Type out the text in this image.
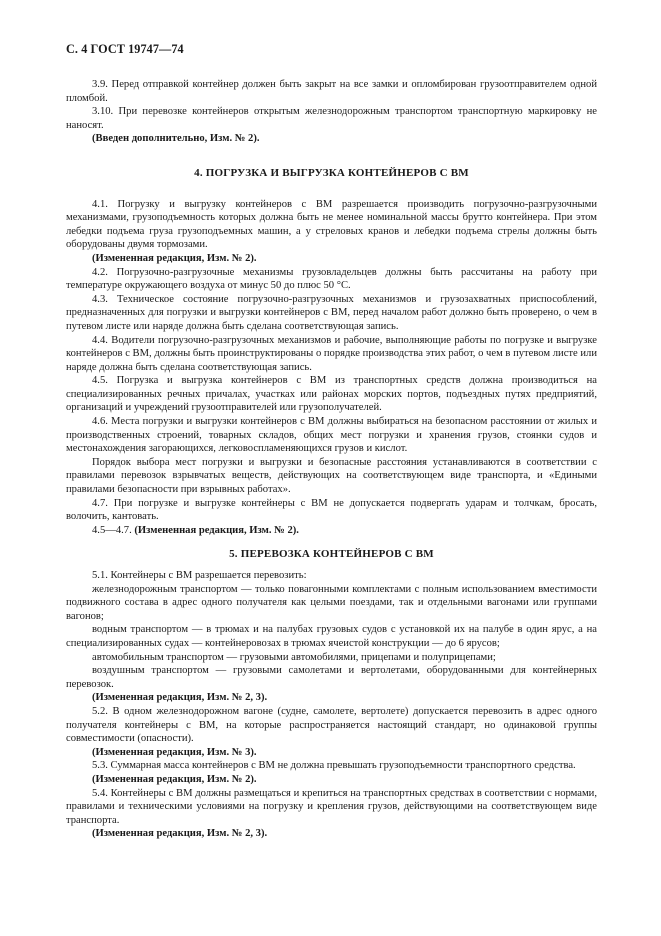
С. 4 ГОСТ 19747—74

3.9. Перед отправкой контейнер должен быть закрыт на все замки и опломбирован грузоотправителем одной пломбой.

3.10. При перевозке контейнеров открытым железнодорожным транспортом транспортную маркировку не наносят.

(Введен дополнительно, Изм. № 2).

4. ПОГРУЗКА И ВЫГРУЗКА КОНТЕЙНЕРОВ С ВМ

4.1. Погрузку и выгрузку контейнеров с ВМ разрешается производить погрузочно-разгрузочными механизмами, грузоподъемность которых должна быть не менее номинальной массы брутто контейнера. При этом лебедки подъема груза грузоподъемных машин, а у стреловых кранов и лебедки подъема стрелы должны быть оборудованы двумя тормозами.

(Измененная редакция, Изм. № 2).

4.2. Погрузочно-разгрузочные механизмы грузовладельцев должны быть рассчитаны на работу при температуре окружающего воздуха от минус 50 до плюс 50 °С.

4.3. Техническое состояние погрузочно-разгрузочных механизмов и грузозахватных приспособлений, предназначенных для погрузки и выгрузки контейнеров с ВМ, перед началом работ должно быть проверено, о чем в путевом листе или наряде должна быть сделана соответствующая запись.

4.4. Водители погрузочно-разгрузочных механизмов и рабочие, выполняющие работы по погрузке и выгрузке контейнеров с ВМ, должны быть проинструктированы о порядке производства этих работ, о чем в путевом листе или наряде должна быть сделана соответствующая запись.

4.5. Погрузка и выгрузка контейнеров с ВМ из транспортных средств должна производиться на специализированных речных причалах, участках или районах морских портов, подъездных путях предприятий, организаций и учреждений грузоотправителей или грузополучателей.

4.6. Места погрузки и выгрузки контейнеров с ВМ должны выбираться на безопасном расстоянии от жилых и производственных строений, товарных складов, общих мест погрузки и хранения грузов, стоянки судов и местонахождения загорающихся, легковоспламеняющихся грузов и кислот.

Порядок выбора мест погрузки и выгрузки и безопасные расстояния устанавливаются в соответствии с правилами перевозок взрывчатых веществ, действующих на соответствующем виде транспорта, и «Едиными правилами безопасности при взрывных работах».

4.7. При погрузке и выгрузке контейнеры с ВМ не допускается подвергать ударам и толчкам, бросать, волочить, кантовать.

4.5—4.7. (Измененная редакция, Изм. № 2).

5. ПЕРЕВОЗКА КОНТЕЙНЕРОВ С ВМ

5.1. Контейнеры с ВМ разрешается перевозить:

железнодорожным транспортом — только повагонными комплектами с полным использованием вместимости подвижного состава в адрес одного получателя как целыми поездами, так и отдельными вагонами или группами вагонов;

водным транспортом — в трюмах и на палубах грузовых судов с установкой их на палубе в один ярус, а на специализированных судах — контейнеровозах в трюмах ячеистой конструкции — до 6 ярусов;

автомобильным транспортом — грузовыми автомобилями, прицепами и полуприцепами;

воздушным транспортом — грузовыми самолетами и вертолетами, оборудованными для контейнерных перевозок.

(Измененная редакция, Изм. № 2, 3).

5.2. В одном железнодорожном вагоне (судне, самолете, вертолете) допускается перевозить в адрес одного получателя контейнеры с ВМ, на которые распространяется настоящий стандарт, но одинаковой группы совместимости (опасности).

(Измененная редакция, Изм. № 3).

5.3. Суммарная масса контейнеров с ВМ не должна превышать грузоподъемности транспортного средства.

(Измененная редакция, Изм. № 2).

5.4. Контейнеры с ВМ должны размещаться и крепиться на транспортных средствах в соответствии с нормами, правилами и техническими условиями на погрузку и крепления грузов, действующими на соответствующем виде транспорта.

(Измененная редакция, Изм. № 2, 3).
